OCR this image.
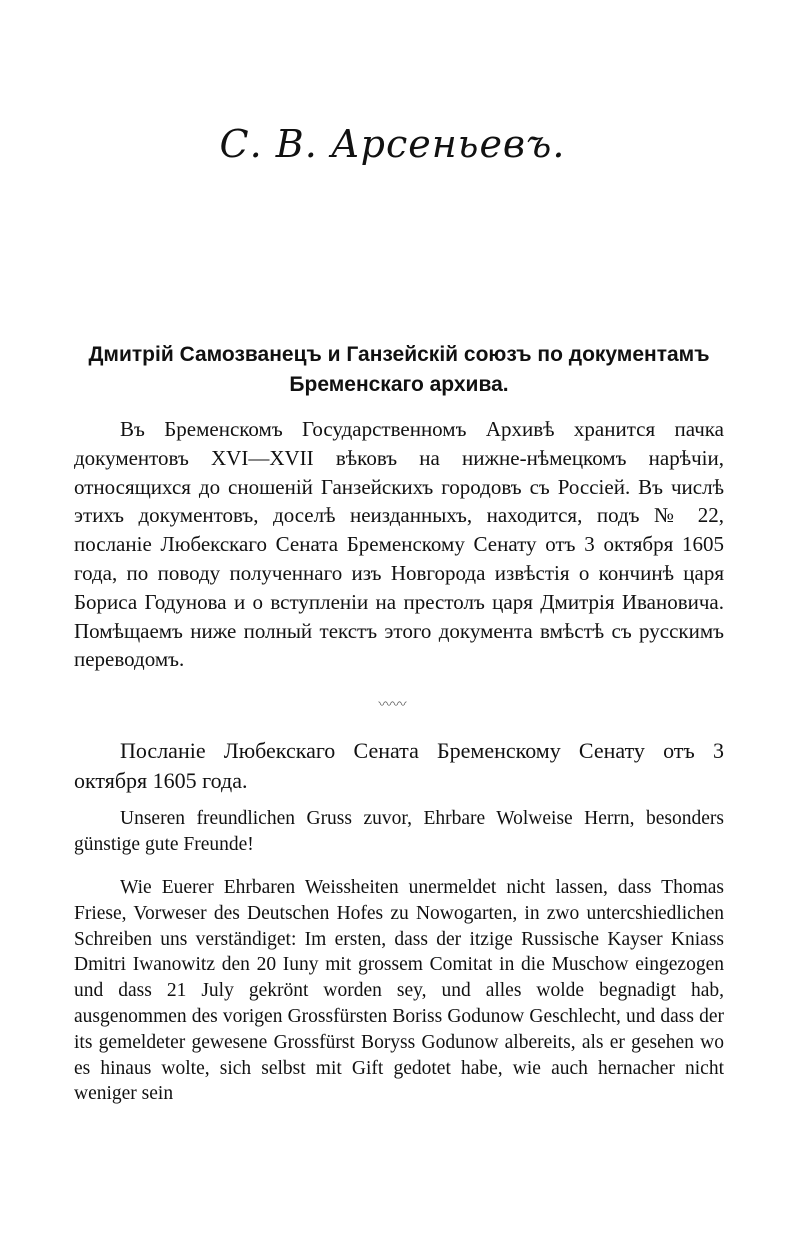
С. В. Арсеньевъ.
Дмитрій Самозванецъ и Ганзейскій союзъ по документамъ Бременскаго архива.
Въ Бременскомъ Государственномъ Архивѣ хранится пачка документовъ XVI—XVII вѣковъ на нижне-нѣмецкомъ нарѣчіи, относящихся до сношеній Ганзейскихъ городовъ съ Россіей. Въ числѣ этихъ документовъ, доселѣ неизданныхъ, находится, подъ № 22, посланіе Любекскаго Сената Бременскому Сенату отъ 3 октября 1605 года, по поводу полученнаго изъ Новгорода извѣстія о кончинѣ царя Бориса Годунова и о вступленіи на престолъ царя Дмитрія Ивановича. Помѣщаемъ ниже полный текстъ этого документа вмѣстѣ съ русскимъ переводомъ.
〰〰
Посланіе Любекскаго Сената Бременскому Сенату отъ 3 октября 1605 года.
Unseren freundlichen Gruss zuvor, Ehrbare Wolweise Herrn, besonders günstige gute Freunde!
Wie Euerer Ehrbaren Weissheiten unermeldet nicht lassen, dass Thomas Friese, Vorweser des Deutschen Hofes zu Nowogarten, in zwo untercshiedlichen Schreiben uns verständiget: Im ersten, dass der itzige Russische Kayser Kniass Dmitri Iwanowitz den 20 Iuny mit grossem Comitat in die Muschow eingezogen und dass 21 July gekrönt worden sey, und alles wolde begnadigt hab, ausgenommen des vorigen Grossfürsten Boriss Godunow Geschlecht, und dass der its gemeldeter gewesene Grossfürst Boryss Godunow albereits, als er gesehen wo es hinaus wolte, sich selbst mit Gift gedotet habe, wie auch hernacher nicht weniger sein
